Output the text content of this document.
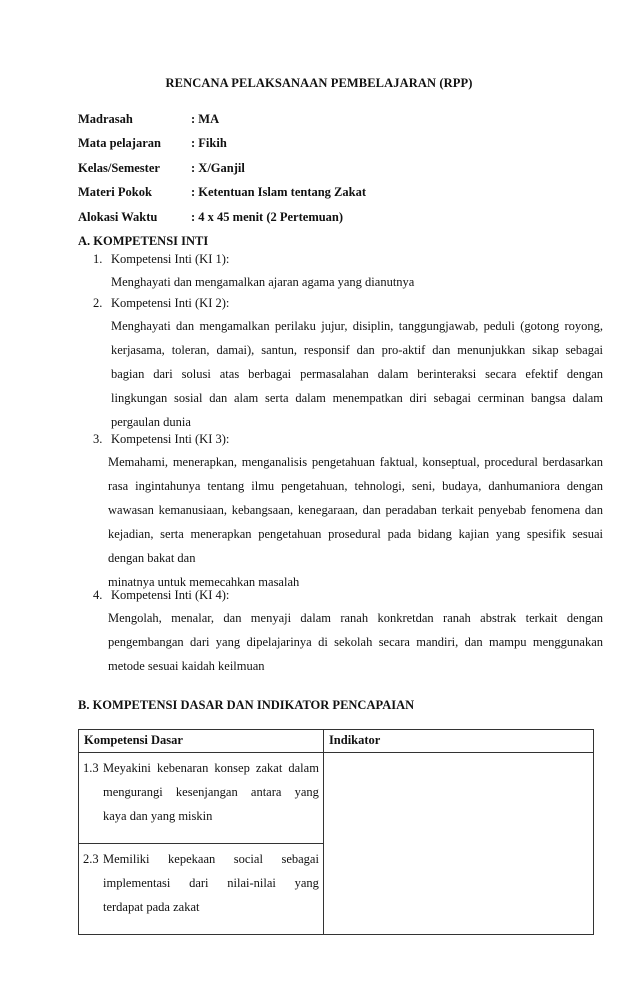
RENCANA PELAKSANAAN PEMBELAJARAN (RPP)
Madrasah	: MA
Mata pelajaran	: Fikih
Kelas/Semester	: X/Ganjil
Materi Pokok	: Ketentuan Islam tentang Zakat
Alokasi Waktu	: 4 x 45 menit (2 Pertemuan)
A. KOMPETENSI INTI
1. Kompetensi Inti (KI 1):
Menghayati dan mengamalkan ajaran agama yang dianutnya
2. Kompetensi Inti (KI 2):
Menghayati dan mengamalkan perilaku jujur, disiplin, tanggungjawab, peduli (gotong royong,
kerjasama, toleran, damai), santun, responsif dan pro-aktif dan menunjukkan sikap sebagai
bagian dari solusi atas berbagai permasalahan dalam berinteraksi secara efektif dengan
lingkungan sosial dan alam serta dalam menempatkan diri sebagai cerminan bangsa dalam
pergaulan dunia
3. Kompetensi Inti (KI 3):
Memahami, menerapkan, menganalisis pengetahuan faktual, konseptual, procedural berdasarkan
rasa ingintahunya tentang ilmu pengetahuan, tehnologi, seni, budaya, danhumaniora dengan
wawasan kemanusiaan, kebangsaan, kenegaraan, dan peradaban terkait penyebab fenomena dan
kejadian, serta menerapkan pengetahuan prosedural pada bidang kajian yang spesifik sesuai
dengan bakat dan
minatnya untuk memecahkan masalah
4. Kompetensi Inti (KI 4):
Mengolah, menalar, dan menyaji dalam ranah konkretdan ranah abstrak terkait dengan
pengembangan dari yang dipelajarinya di sekolah secara mandiri, dan mampu menggunakan
metode sesuai kaidah keilmuan
B. KOMPETENSI DASAR DAN INDIKATOR PENCAPAIAN
Kompetensi Dasar	Indikator

1.3 Meyakini kebenaran konsep zakat dalam
mengurangi kesenjangan antara yang
kaya dan yang miskin	

2.3 Memiliki kepekaan social sebagai
implementasi dari nilai-nilai yang
terdapat pada zakat	
